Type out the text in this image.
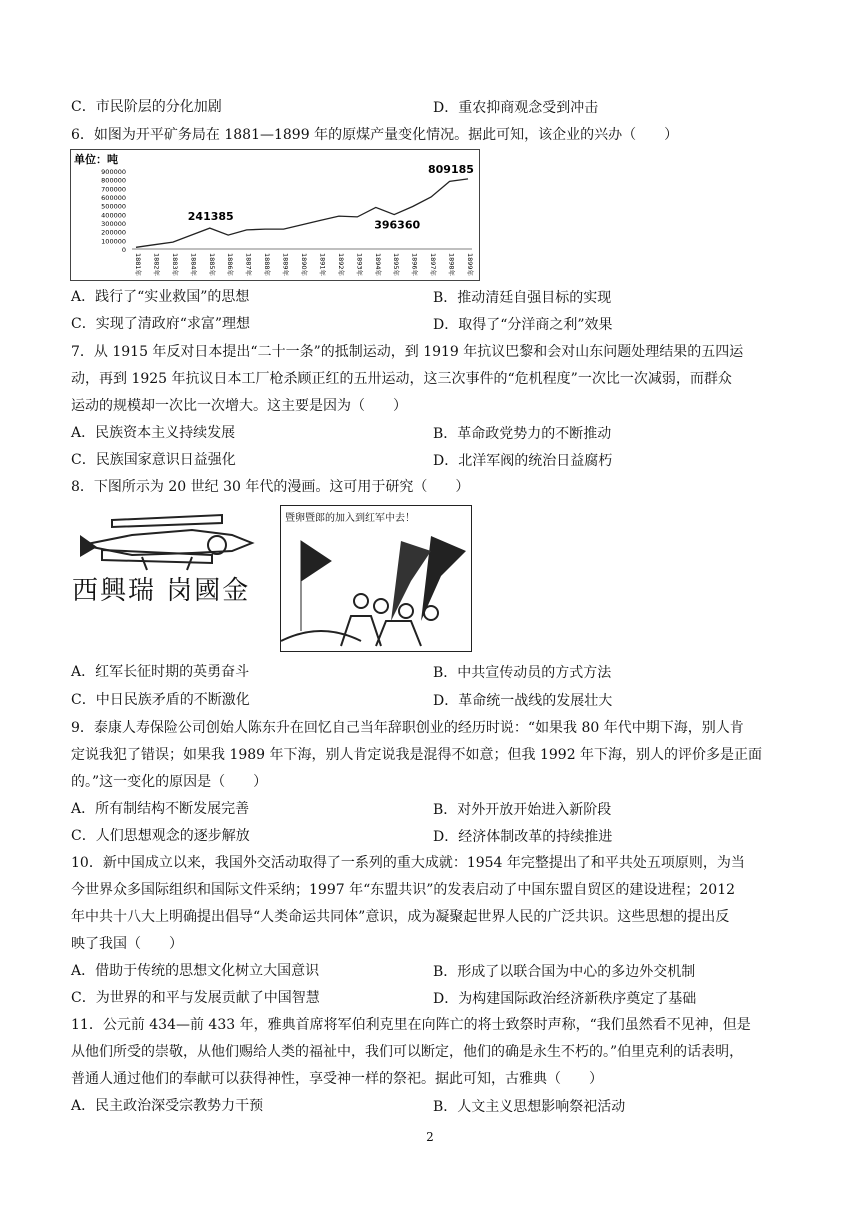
C．市民阶层的分化加剧	D．重农抑商观念受到冲击
6．如图为开平矿务局在 1881—1899 年的原煤产量变化情况。据此可知，该企业的兴办（　　）
单位：吨
900000
800000
700000
600000
500000
400000
300000
200000
100000
0
1881年 1882年 1883年 1884年 1885年 1886年 1887年 1888年 1889年 1890年 1891年 1892年 1893年 1894年 1895年 1896年 1897年 1898年 1899年
241385
396360
809185
A．践行了“实业救国”的思想	B．推动清廷自强目标的实现
C．实现了清政府“求富”理想	D．取得了“分洋商之利”效果
7．从 1915 年反对日本提出“二十一条”的抵制运动，到 1919 年抗议巴黎和会对山东问题处理结果的五四运
动，再到 1925 年抗议日本工厂枪杀顾正红的五卅运动，这三次事件的“危机程度”一次比一次减弱，而群众
运动的规模却一次比一次增大。这主要是因为（　　）
A．民族资本主义持续发展	B．革命政党势力的不断推动
C．民族国家意识日益强化	D．北洋军阀的统治日益腐朽
8．下图所示为 20 世纪 30 年代的漫画。这可用于研究（　　）
西興瑞 岗國金
暨卵暨郎的加入到红军中去！
A．红军长征时期的英勇奋斗	B．中共宣传动员的方式方法
C．中日民族矛盾的不断激化	D．革命统一战线的发展壮大
9．泰康人寿保险公司创始人陈东升在回忆自己当年辞职创业的经历时说：“如果我 80 年代中期下海，别人肯
定说我犯了错误；如果我 1989 年下海，别人肯定说我是混得不如意；但我 1992 年下海，别人的评价多是正面
的。”这一变化的原因是（　　）
A．所有制结构不断发展完善	B．对外开放开始进入新阶段
C．人们思想观念的逐步解放	D．经济体制改革的持续推进
10．新中国成立以来，我国外交活动取得了一系列的重大成就：1954 年完整提出了和平共处五项原则，为当
今世界众多国际组织和国际文件采纳；1997 年“东盟共识”的发表启动了中国东盟自贸区的建设进程；2012
年中共十八大上明确提出倡导“人类命运共同体”意识，成为凝聚起世界人民的广泛共识。这些思想的提出反
映了我国（　　）
A．借助于传统的思想文化树立大国意识	B．形成了以联合国为中心的多边外交机制
C．为世界的和平与发展贡献了中国智慧	D．为构建国际政治经济新秩序奠定了基础
11．公元前 434—前 433 年，雅典首席将军伯利克里在向阵亡的将士致祭时声称，“我们虽然看不见神，但是
从他们所受的崇敬，从他们赐给人类的福祉中，我们可以断定，他们的确是永生不朽的。”伯里克利的话表明，
普通人通过他们的奉献可以获得神性，享受神一样的祭祀。据此可知，古雅典（　　）
A．民主政治深受宗教势力干预	B．人文主义思想影响祭祀活动
2
